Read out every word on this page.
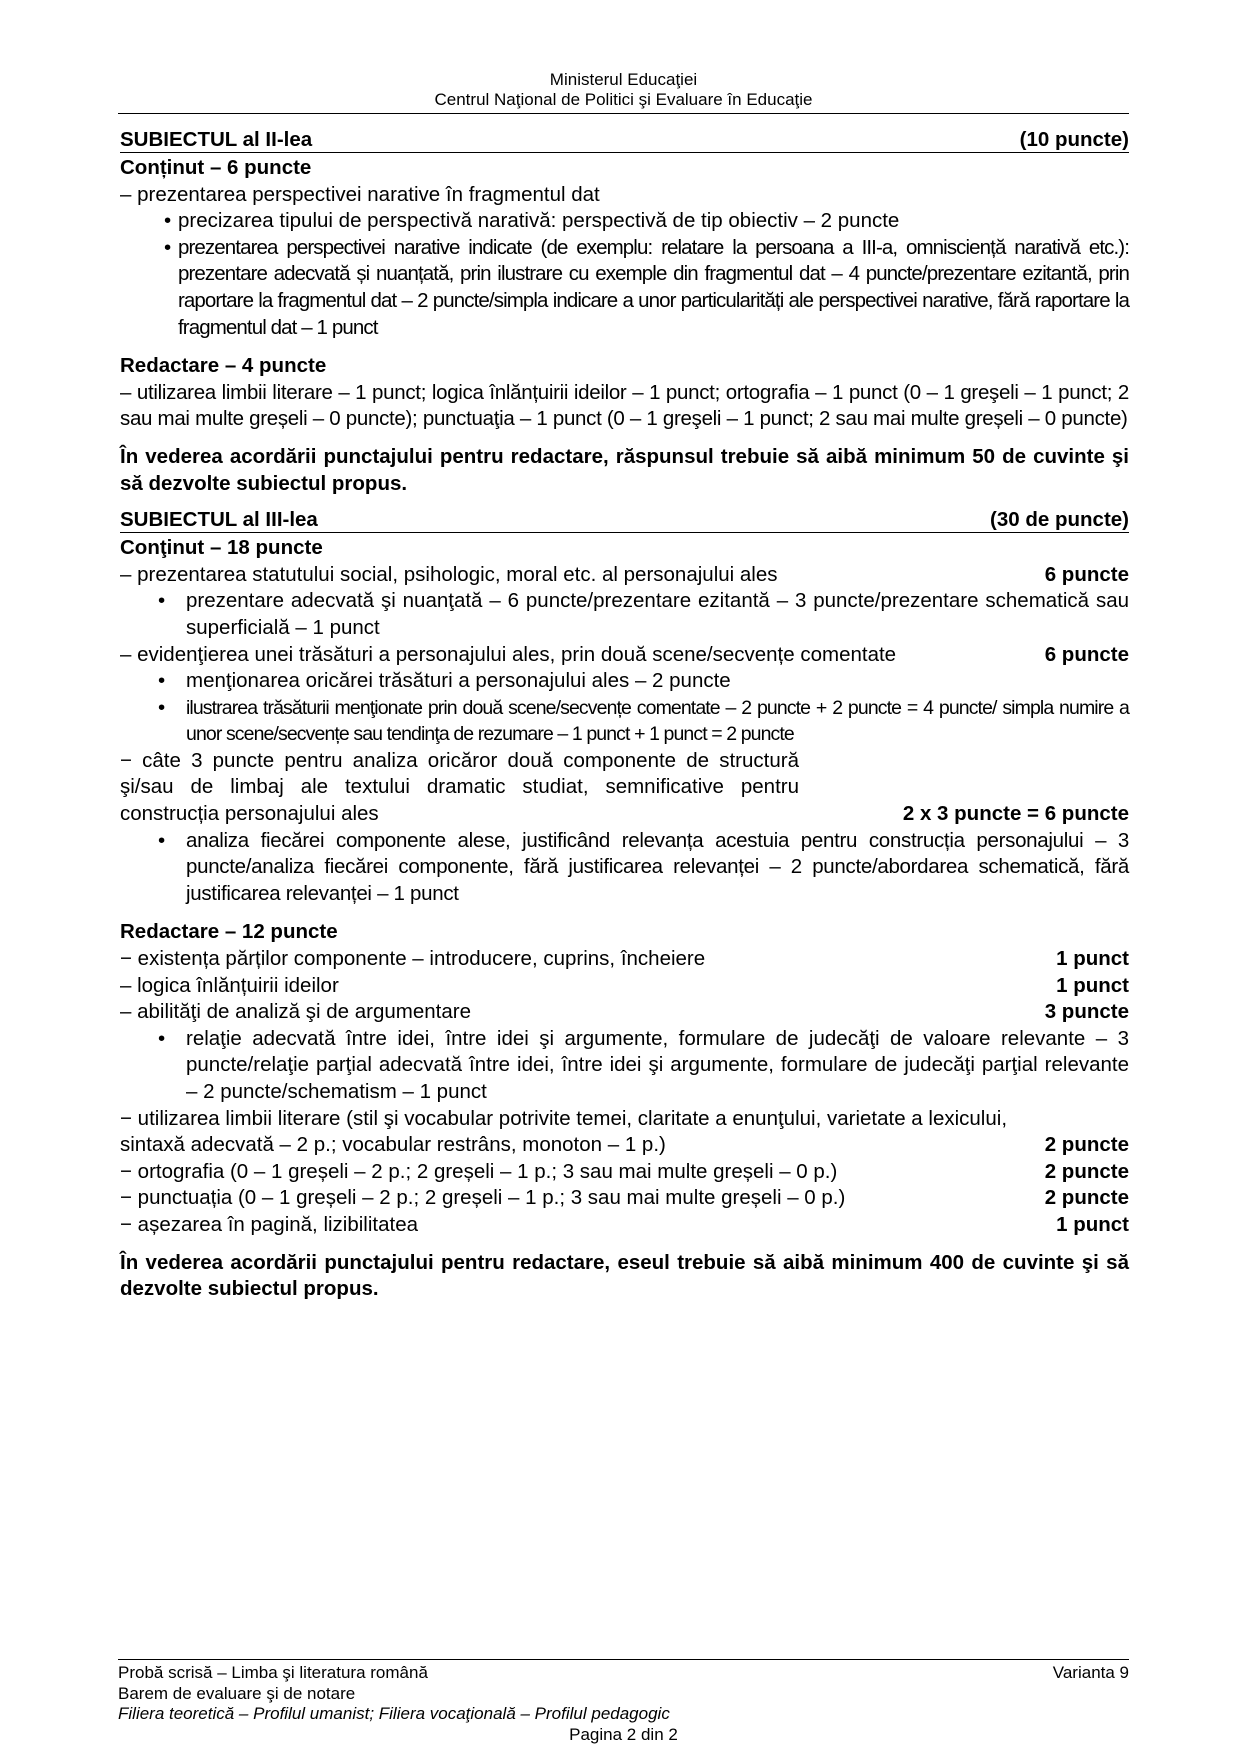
Ministerul Educaţiei
Centrul Naţional de Politici şi Evaluare în Educaţie
SUBIECTUL al II-lea	(10 puncte)

Conținut – 6 puncte

– prezentarea perspectivei narative în fragmentul dat

• precizarea tipului de perspectivă narativă: perspectivă de tip obiectiv – 2 puncte
• prezentarea perspectivei narative indicate (de exemplu: relatare la persoana a III-a, omnisciență narativă etc.): prezentare adecvată și nuanțată, prin ilustrare cu exemple din fragmentul dat – 4 puncte/prezentare ezitantă, prin raportare la fragmentul dat – 2 puncte/simpla indicare a unor particularități ale perspectivei narative, fără raportare la fragmentul dat – 1 punct

Redactare – 4 puncte

– utilizarea limbii literare – 1 punct; logica înlănțuirii ideilor – 1 punct; ortografia – 1 punct (0 – 1 greşeli – 1 punct; 2 sau mai multe greșeli – 0 puncte); punctuaţia – 1 punct (0 – 1 greşeli – 1 punct; 2 sau mai multe greșeli – 0 puncte)

În vederea acordării punctajului pentru redactare, răspunsul trebuie să aibă minimum 50 de cuvinte şi să dezvolte subiectul propus.

SUBIECTUL al III-lea	(30 de puncte)

Conţinut – 18 puncte

– prezentarea statutului social, psihologic, moral etc. al personajului ales	6 puncte
•	prezentare adecvată şi nuanţată – 6 puncte/prezentare ezitantă – 3 puncte/prezentare schematică sau superficială – 1 punct
– evidenţierea unei trăsături a personajului ales, prin două scene/secvențe comentate	6 puncte
•	menţionarea oricărei trăsături a personajului ales – 2 puncte
•	ilustrarea trăsăturii menţionate prin două scene/secvențe comentate – 2 puncte + 2 puncte = 4 puncte/ simpla numire a unor scene/secvențe sau tendinţa de rezumare – 1 punct + 1 punct = 2 puncte

− câte 3 puncte pentru analiza oricăror două componente de structură şi/sau de limbaj ale textului dramatic studiat, semnificative pentru construcția personajului ales	2 x 3 puncte = 6 puncte
•	analiza fiecărei componente alese, justificând relevanța acestuia pentru construcția personajului – 3 puncte/analiza fiecărei componente, fără justificarea relevanței – 2 puncte/abordarea schematică, fără justificarea relevanței – 1 punct

Redactare – 12 puncte

− existența părților componente – introducere, cuprins, încheiere	1 punct
– logica înlănțuirii ideilor	1 punct
– abilităţi de analiză şi de argumentare	3 puncte
•	relaţie adecvată între idei, între idei şi argumente, formulare de judecăţi de valoare relevante – 3 puncte/relaţie parţial adecvată între idei, între idei şi argumente, formulare de judecăţi parţial relevante – 2 puncte/schematism – 1 punct

− utilizarea limbii literare (stil şi vocabular potrivite temei, claritate a enunţului, varietate a lexicului,

sintaxă adecvată – 2 p.; vocabular restrâns, monoton – 1 p.)	2 puncte
− ortografia (0 – 1 greșeli – 2 p.; 2 greșeli – 1 p.; 3 sau mai multe greșeli – 0 p.)	2 puncte
− punctuația (0 – 1 greșeli – 2 p.; 2 greșeli – 1 p.; 3 sau mai multe greșeli – 0 p.)	2 puncte
− așezarea în pagină, lizibilitatea	1 punct

În vederea acordării punctajului pentru redactare, eseul trebuie să aibă minimum 400 de cuvinte şi să dezvolte subiectul propus.

Probă scrisă – Limba şi literatura română	Varianta 9
Barem de evaluare şi de notare
Filiera teoretică – Profilul umanist; Filiera vocaţională – Profilul pedagogic
Pagina 2 din 2
